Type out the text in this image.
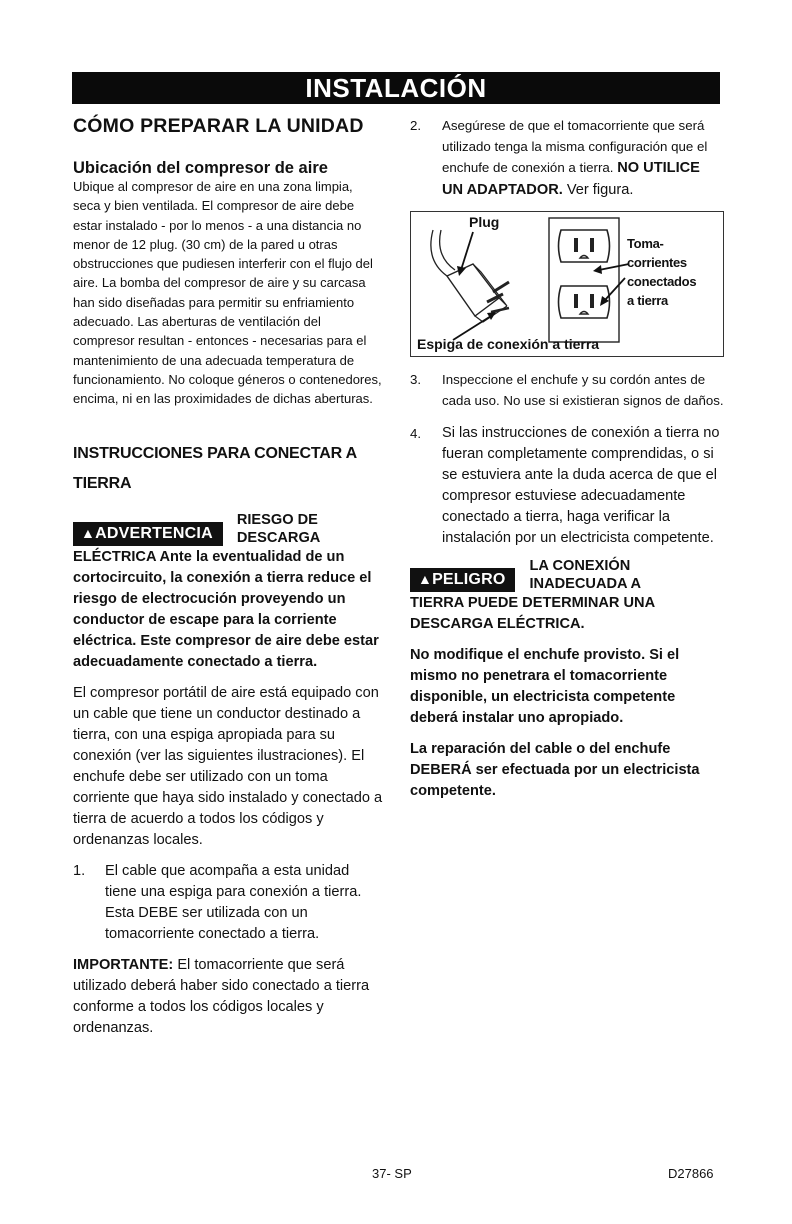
INSTALACIÓN
CÓMO PREPARAR LA UNIDAD
Ubicación del compresor de aire

Ubique al compresor de aire en una zona limpia, seca y bien ventilada. El compresor de aire debe estar instalado - por lo menos - a una distancia no menor de 12 plug. (30 cm) de la pared u otras obstrucciones que pudiesen interferir con el flujo del aire. La bomba del compresor de aire y su carcasa han sido diseñadas para permitir su enfriamiento adecuado. Las aberturas de ventilación del compresor resultan - entonces - necesarias para el mantenimiento de una adecuada temperatura de funcionamiento. No coloque géneros o contenedores, encima, ni en las proximidades de dichas aberturas.

INSTRUCCIONES PARA CONECTAR A TIERRA
▲ADVERTENCIA
RIESGO DE DESCARGA

ELÉCTRICA Ante la eventualidad de un cortocircuito, la conexión a tierra reduce el riesgo de electrocución proveyendo un conductor de escape para la corriente eléctrica. Este compresor de aire debe estar adecuadamente conectado a tierra.

El compresor portátil de aire está equipado con un cable que tiene un conductor destinado a tierra, con una espiga apropiada para su conexión (ver las siguientes ilustraciones). El enchufe debe ser utilizado con un toma corriente que haya sido instalado y conectado a tierra de acuerdo a todos los códigos y ordenanzas locales.

1.	El cable que acompaña a esta unidad tiene una espiga para conexión a tierra. Esta DEBE ser utilizada con un tomacorriente conectado a tierra.

IMPORTANTE: El tomacorriente que será utilizado deberá haber sido conectado a tierra conforme a todos los códigos locales y ordenanzas.

2.	Asegúrese de que el tomacorriente que será utilizado tenga la misma configuración que el enchufe de conexión a tierra. NO UTILICE UN ADAPTADOR. Ver figura.
Plug
Toma-
corrientes
conectados
a tierra
Espiga de conexión a tierra
3.	Inspeccione el enchufe y su cordón antes de cada uso. No use si existieran signos de daños.
4.	Si las instrucciones de conexión a tierra no fueran completamente comprendidas, o si se estuviera ante la duda acerca de que el compresor estuviese adecuadamente conectado a tierra, haga verificar la instalación por un electricista competente.
▲PELIGRO
LA CONEXIÓN INADECUADA A

TIERRA PUEDE DETERMINAR UNA DESCARGA ELÉCTRICA.

No modifique el enchufe provisto. Si el mismo no penetrara el tomacorriente disponible, un electricista competente deberá instalar uno apropiado.

La reparación del cable o del enchufe DEBERÁ ser efectuada por un electricista competente.

37- SP	D27866
